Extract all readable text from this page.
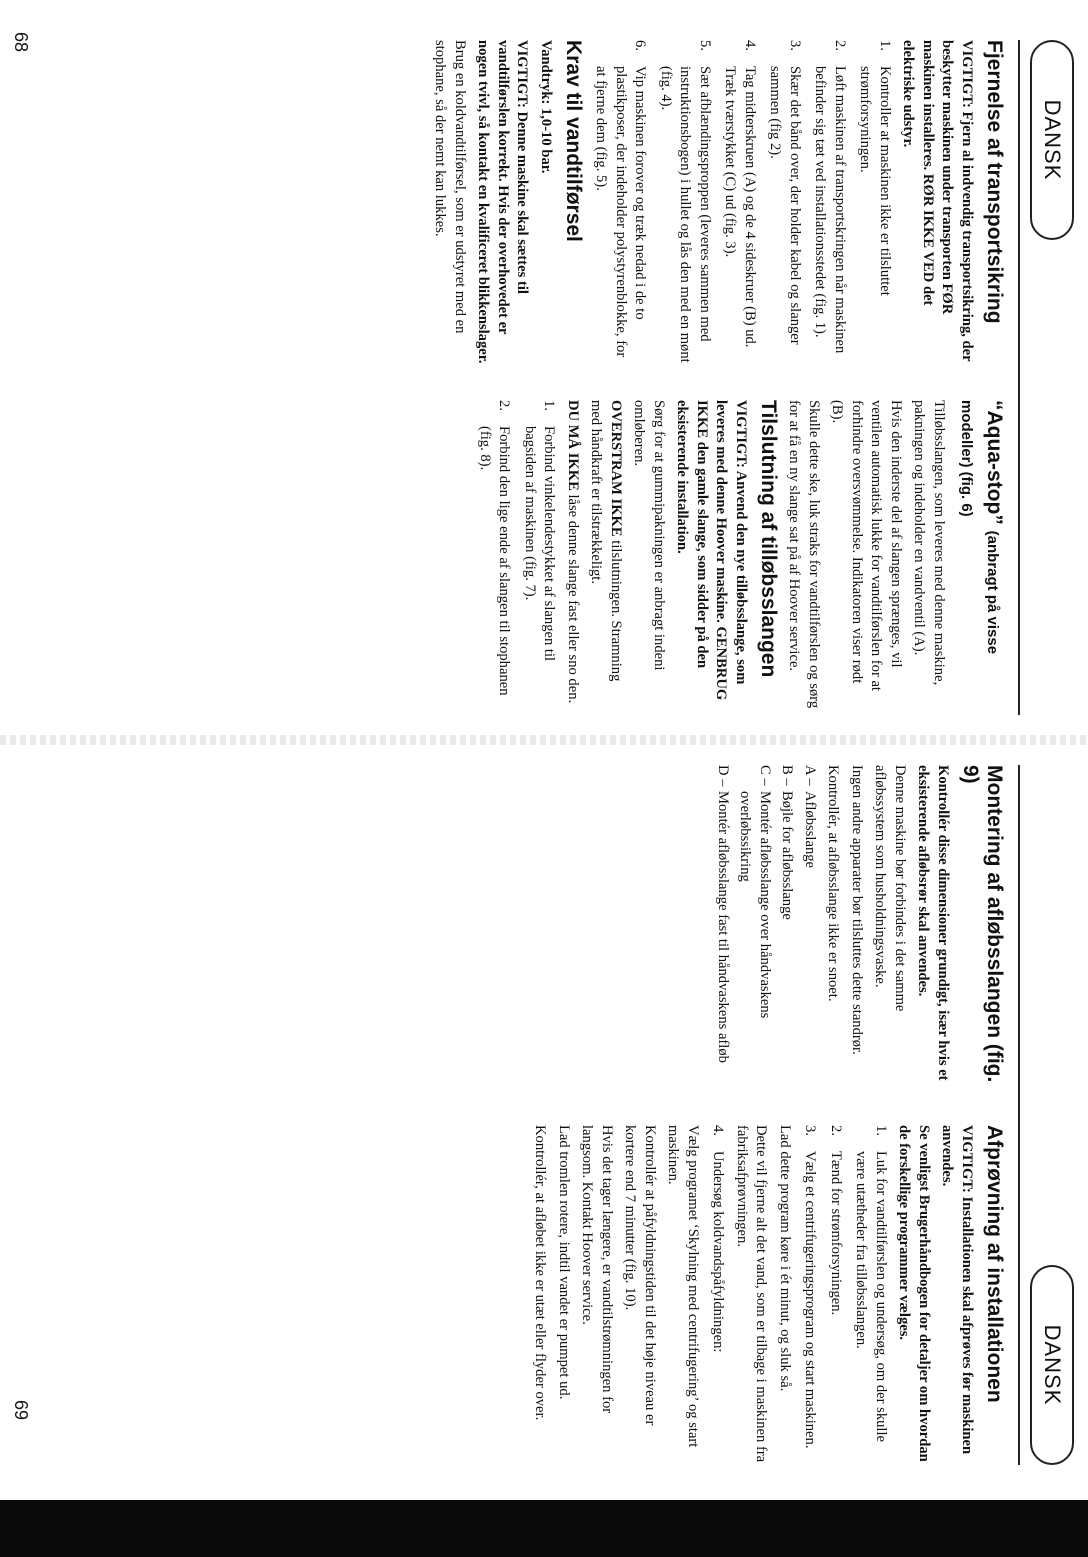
DANSK
Fjernelse af transportsikring

VIGTIGT: Fjern al indvendig transportsikring, der beskytter maskinen under transporten FØR maskinen installeres. RØR IKKE VED det elektriske udstyr.

1.
Kontroller at maskinen ikke er tilsluttet strømforsyningen.
2.
Løft maskinen af transportskringen når maskinen befinder sig tæt ved installationsstedet (fig. 1).
3.
Skær det bånd over, der holder kabel og slanger sammen (fig 2).
4.
Tag midterskruen (A) og de 4 sideskruer (B) ud. Træk tværstykket (C) ud (fig. 3).
5.
Sæt afblændingsproppen (leveres sammen med instruktionsbogen) i hullet og lås den med en mønt (fig. 4).
6.
Vip maskinen forover og træk nedad i de to plastikposer, der indeholder polystyrenblokke, for at fjerne dem (fig. 5).
Krav til vandtilførsel

Vandtryk: 1,0-10 bar.

VIGTIGT: Denne maskine skal sættes til vandtilførslen korrekt. Hvis der overhovedet er nogen tvivl, så kontakt en kvalificeret blikkenslager.

Brug en koldvandtilførsel, som er udstyret med en stophane, så der nemt kan lukkes.

“Aqua-stop” (anbragt på visse modeller) (fig. 6)

Tilløbsslangen, som leveres med denne maskine, pakningen og indeholder en vandventil (A).

Hvis den inderste del af slangen sprænges, vil ventilen automatisk lukke for vandtilførslen for at forhindre oversvømmelse. Indikatoren viser rødt (B).

Skulle dette ske, luk straks for vandtilførslen og sørg for at få en ny slange sat på af Hoover service.

Tilslutning af tilløbsslangen

VIGTIGT: Anvend den nye tilløbsslange, som leveres med denne Hoover maskine. GENBRUG IKKE den gamle slange, som sidder på den eksisterende installation.

Sørg for at gummipakningen er anbragt indeni omløberen.

OVERSTRAM IKKE tilslutningen. Stramning med håndkraft er tilstrækkeligt.

DU MÅ IKKE låse denne slange fast eller sno den.

1.
Forbind vinkelendestykket af slangen til bagsiden af maskinen (fig. 7).
2.
Forbind den lige ende af slangen til stophanen (fig. 8).
68
DANSK
Montering af afløbsslangen (fig. 9)

Kontrollér disse dimensioner grundigt, især hvis et eksisterende afløbsrør skal anvendes.

Denne maskine bør forbindes i det samme afløbssystem som husholdningsvaske.

Ingen andre apparater bør tilsluttes dette standrør.

Kontrollér, at afløbsslange ikke er snoet.

A –
Afløbsslange
B –
Bøjle for afløbsslange
C –
Montér afløbsslange over håndvaskens overløbssikring
D –
Montér afløbsslange fast til håndvaskens afløb
Afprøvning af installationen

VIGTIGT: Installationen skal afprøves før maskinen anvendes.

Se venligst Brugerhåndbogen for detaljer om hvordan de forskellige programmer vælges.

1.
Luk for vandtilførslen og undersøg, om der skulle være utætheder fra tilløbsslangen.
2.
Tænd for strømforsyningen.
3.
Vælg et centrifugeringsprogram og start maskinen.

Lad dette program køre i ét minut, og sluk så.

Dette vil fjerne alt det vand, som er tilbage i maskinen fra fabriksafprøvningen.

4.
Undersøg koldvandspåfyldningen:

Vælg programet ‘Skylning med centrifugering’ og start maskinen.

Kontrollér at påfyldningstiden til det høje niveau er kortere end 7 minutter (fig. 10).

Hvis det tager længere, er vandtilstrømningen for langsom. Kontakt Hoover service.

Lad tromlen rotere, indtil vandet er pumpet ud.

Kontrollér, at afløbet ikke er utæt eller flyder over.

69
